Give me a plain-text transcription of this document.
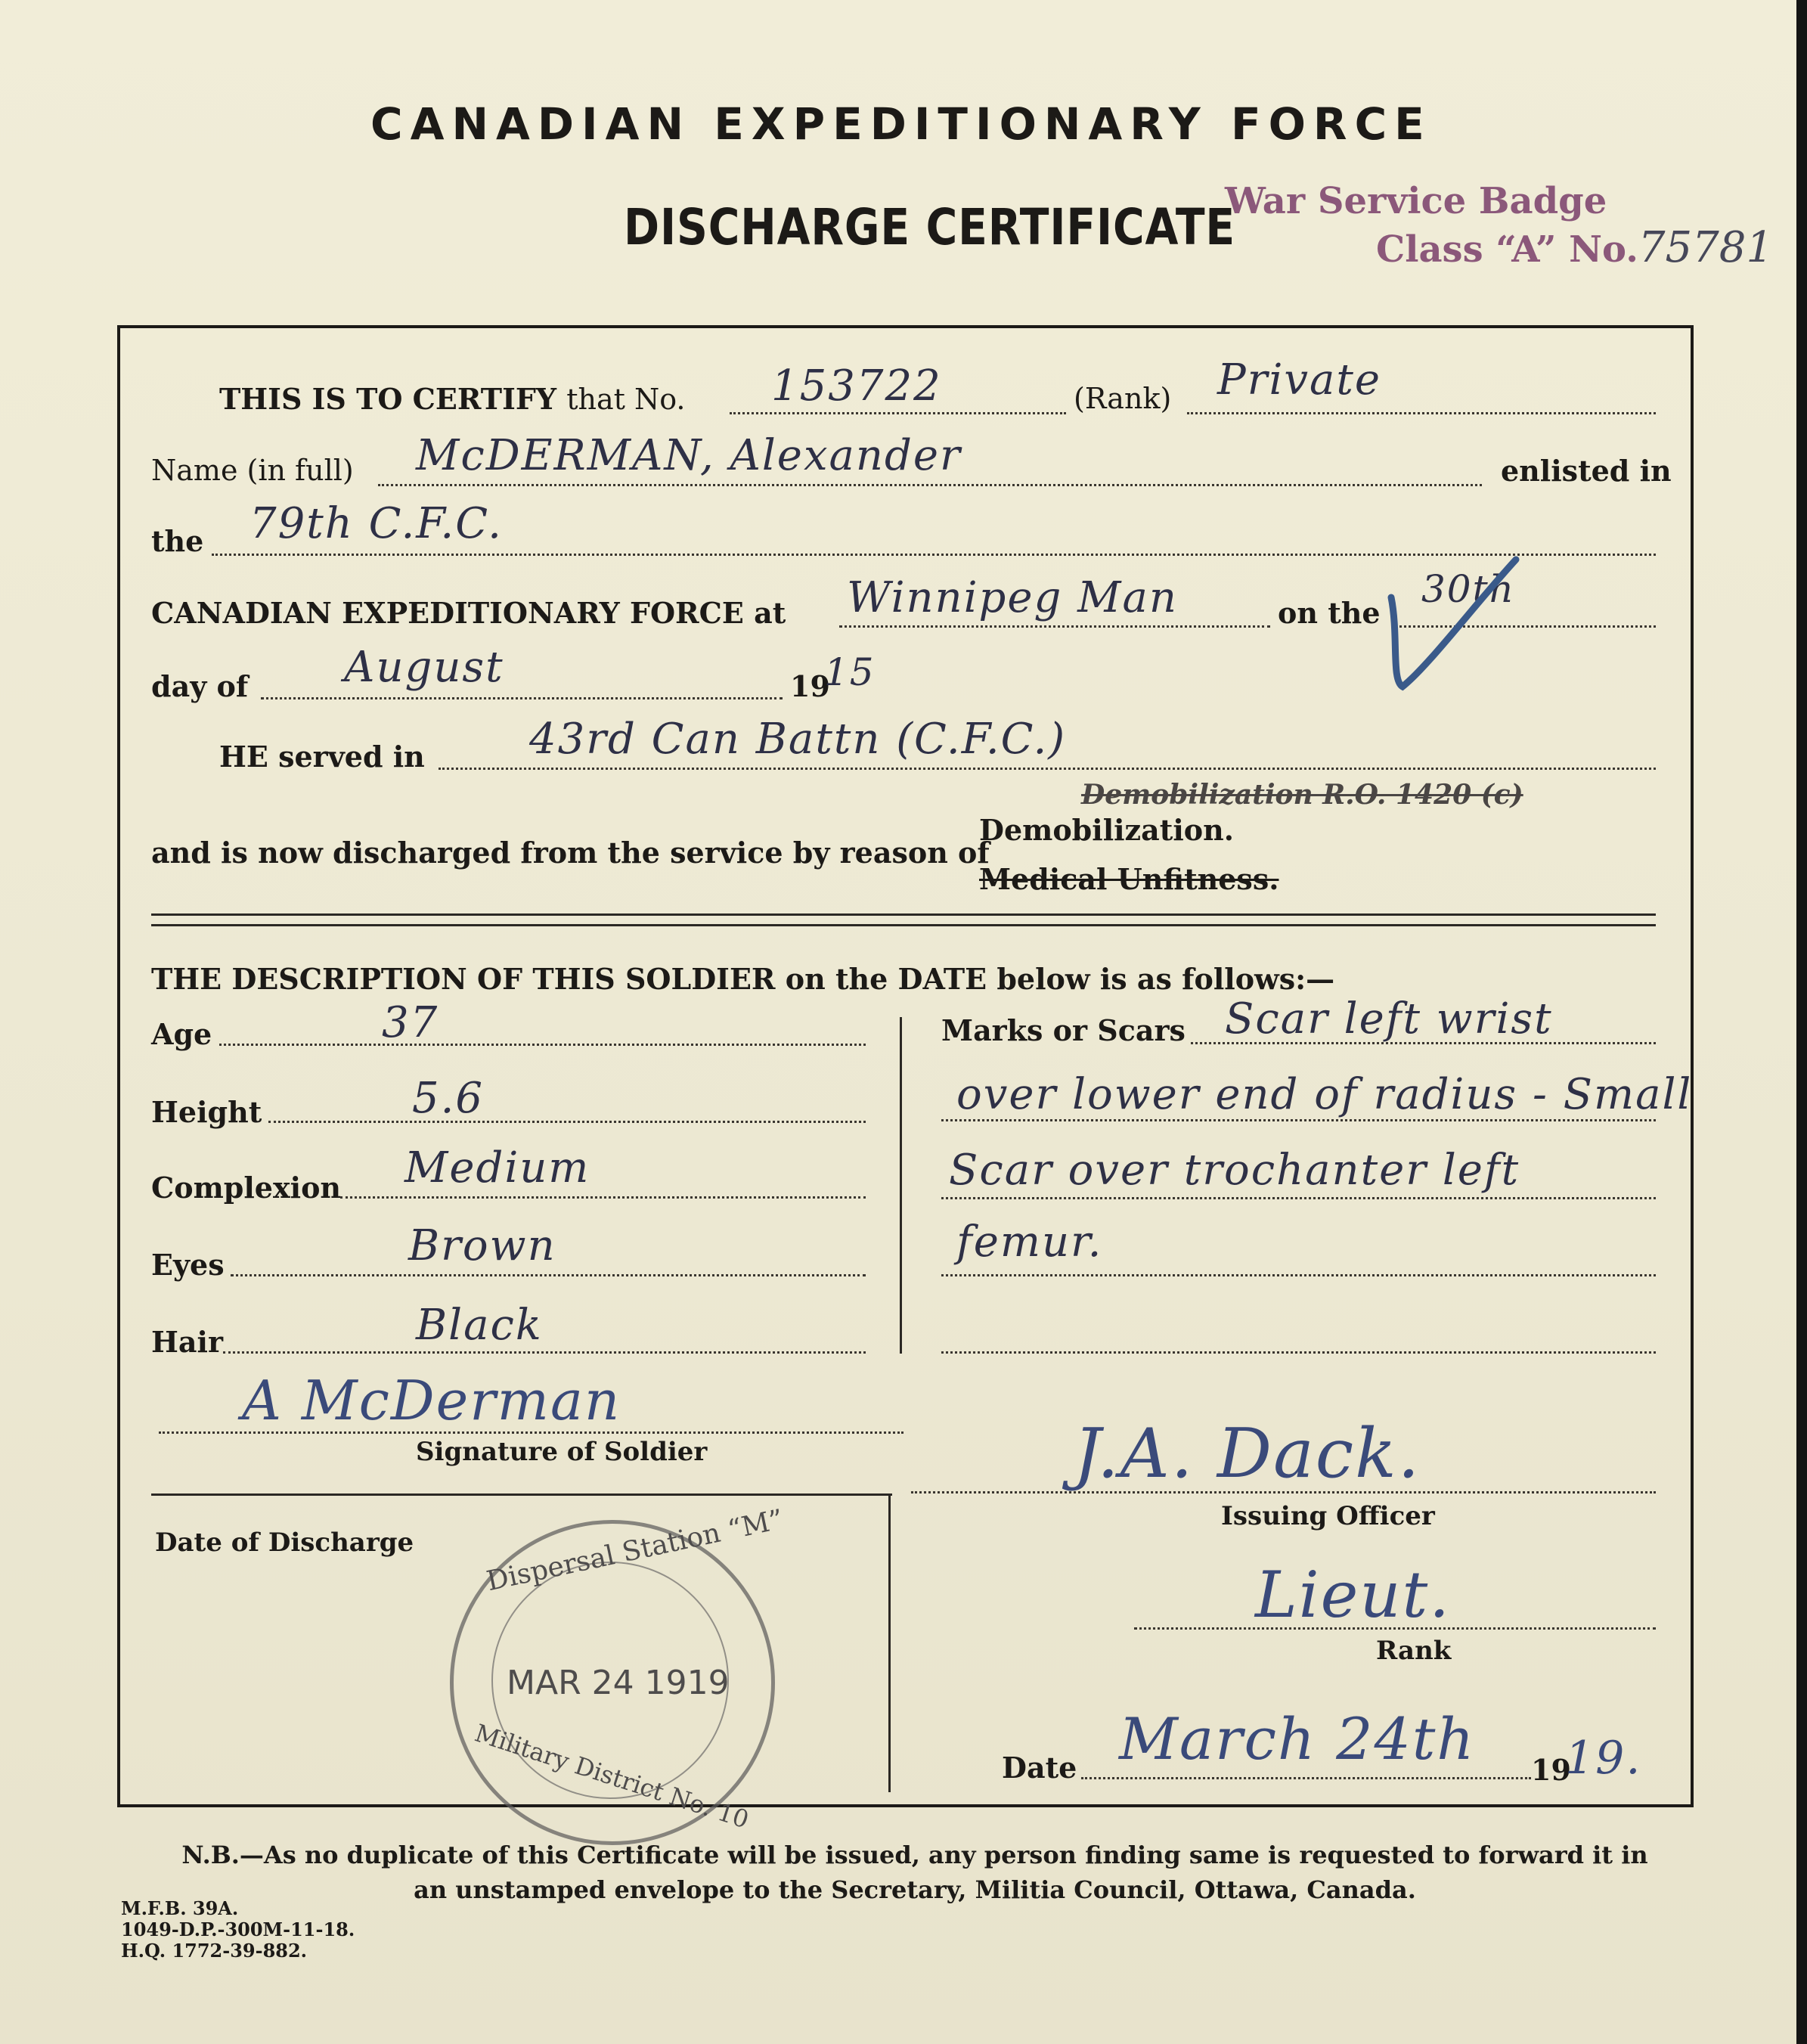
CANADIAN EXPEDITIONARY FORCE
DISCHARGE CERTIFICATE
War Service Badge
Class “A” No.75781
THIS IS TO CERTIFY that No. 153722	(Rank) Private
Name (in full) McDERMAN, Alexander	enlisted in
the 79th C.F.C.
CANADIAN EXPEDITIONARY FORCE at Winnipeg Man	on the
30th
day of August	19
15
HE served in 43rd Can Battn (C.F.C.)
Demobilization R.O. 1420 (c)
and is now discharged from the service by reason of
Demobilization.
Medical Unfitness.
THE DESCRIPTION OF THIS SOLDIER on the DATE below is as follows:—
Age	37
Height	5.6
Complexion Medium
Eyes	Brown
Hair	Black
Marks or Scars Scar left wrist
over lower end of radius - Small
Scar over trochanter left
femur.
A McDerman
Signature of Soldier
Date of Discharge	Dispersal Station “M”
MAR 24 1919
Military District No. 10
J.A. Dack.
Issuing Officer
Lieut.
Rank
Date March 24th 19
19.
N.B.—As no duplicate of this Certificate will be issued, any person finding same is requested to forward it in an unstamped envelope to the Secretary, Militia Council, Ottawa, Canada.
M.F.B. 39A.
1049-D.P.-300M-11-18.
H.Q. 1772-39-882.
